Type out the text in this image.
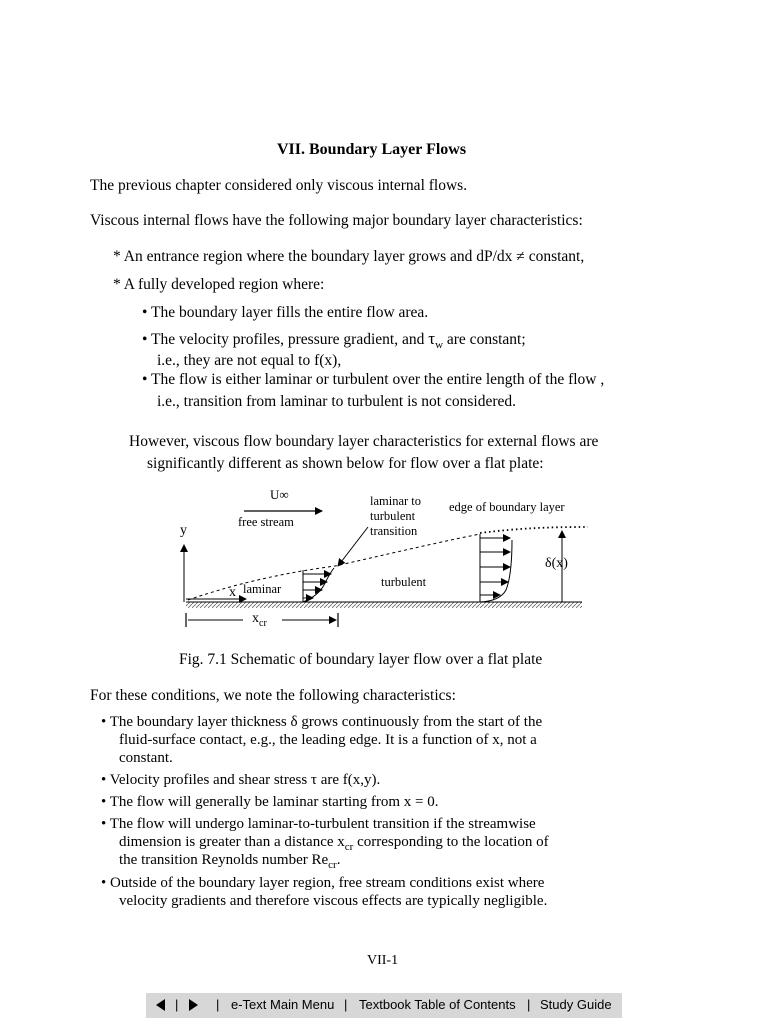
VII. Boundary Layer Flows
The previous chapter considered only viscous internal flows.
Viscous internal flows have the following major boundary layer characteristics:
* An entrance region where the boundary layer grows and dP/dx ≠ constant,
* A fully developed region where:
• The boundary layer fills the entire flow area.
• The velocity profiles, pressure gradient, and $\tau_w$ are constant;
i.e., they are not equal to f(x),
• The flow is either laminar or turbulent over the entire length of the flow ,
i.e., transition from laminar to turbulent is not considered.
However, viscous flow boundary layer characteristics for external flows are
significantly different as shown below for flow over a flat plate:
U∞
free stream
laminar to
turbulent
transition
edge of boundary layer
y
x laminar	turbulent
δ(x)
$x_{cr}$
Fig. 7.1 Schematic of boundary layer flow over a flat plate
For these conditions, we note the following characteristics:
• The boundary layer thickness δ grows continuously from the start of the
fluid-surface contact, e.g., the leading edge. It is a function of x, not a
constant.
• Velocity profiles and shear stress τ are f(x,y).
• The flow will generally be laminar starting from x = 0.
• The flow will undergo laminar-to-turbulent transition if the streamwise
dimension is greater than a distance $x_{cr}$ corresponding to the location of
the transition Reynolds number $Re_{cr}$.
• Outside of the boundary layer region, free stream conditions exist where
velocity gradients and therefore viscous effects are typically negligible.
VII-1
|	| e-Text Main Menu | Textbook Table of Contents | Study Guide
